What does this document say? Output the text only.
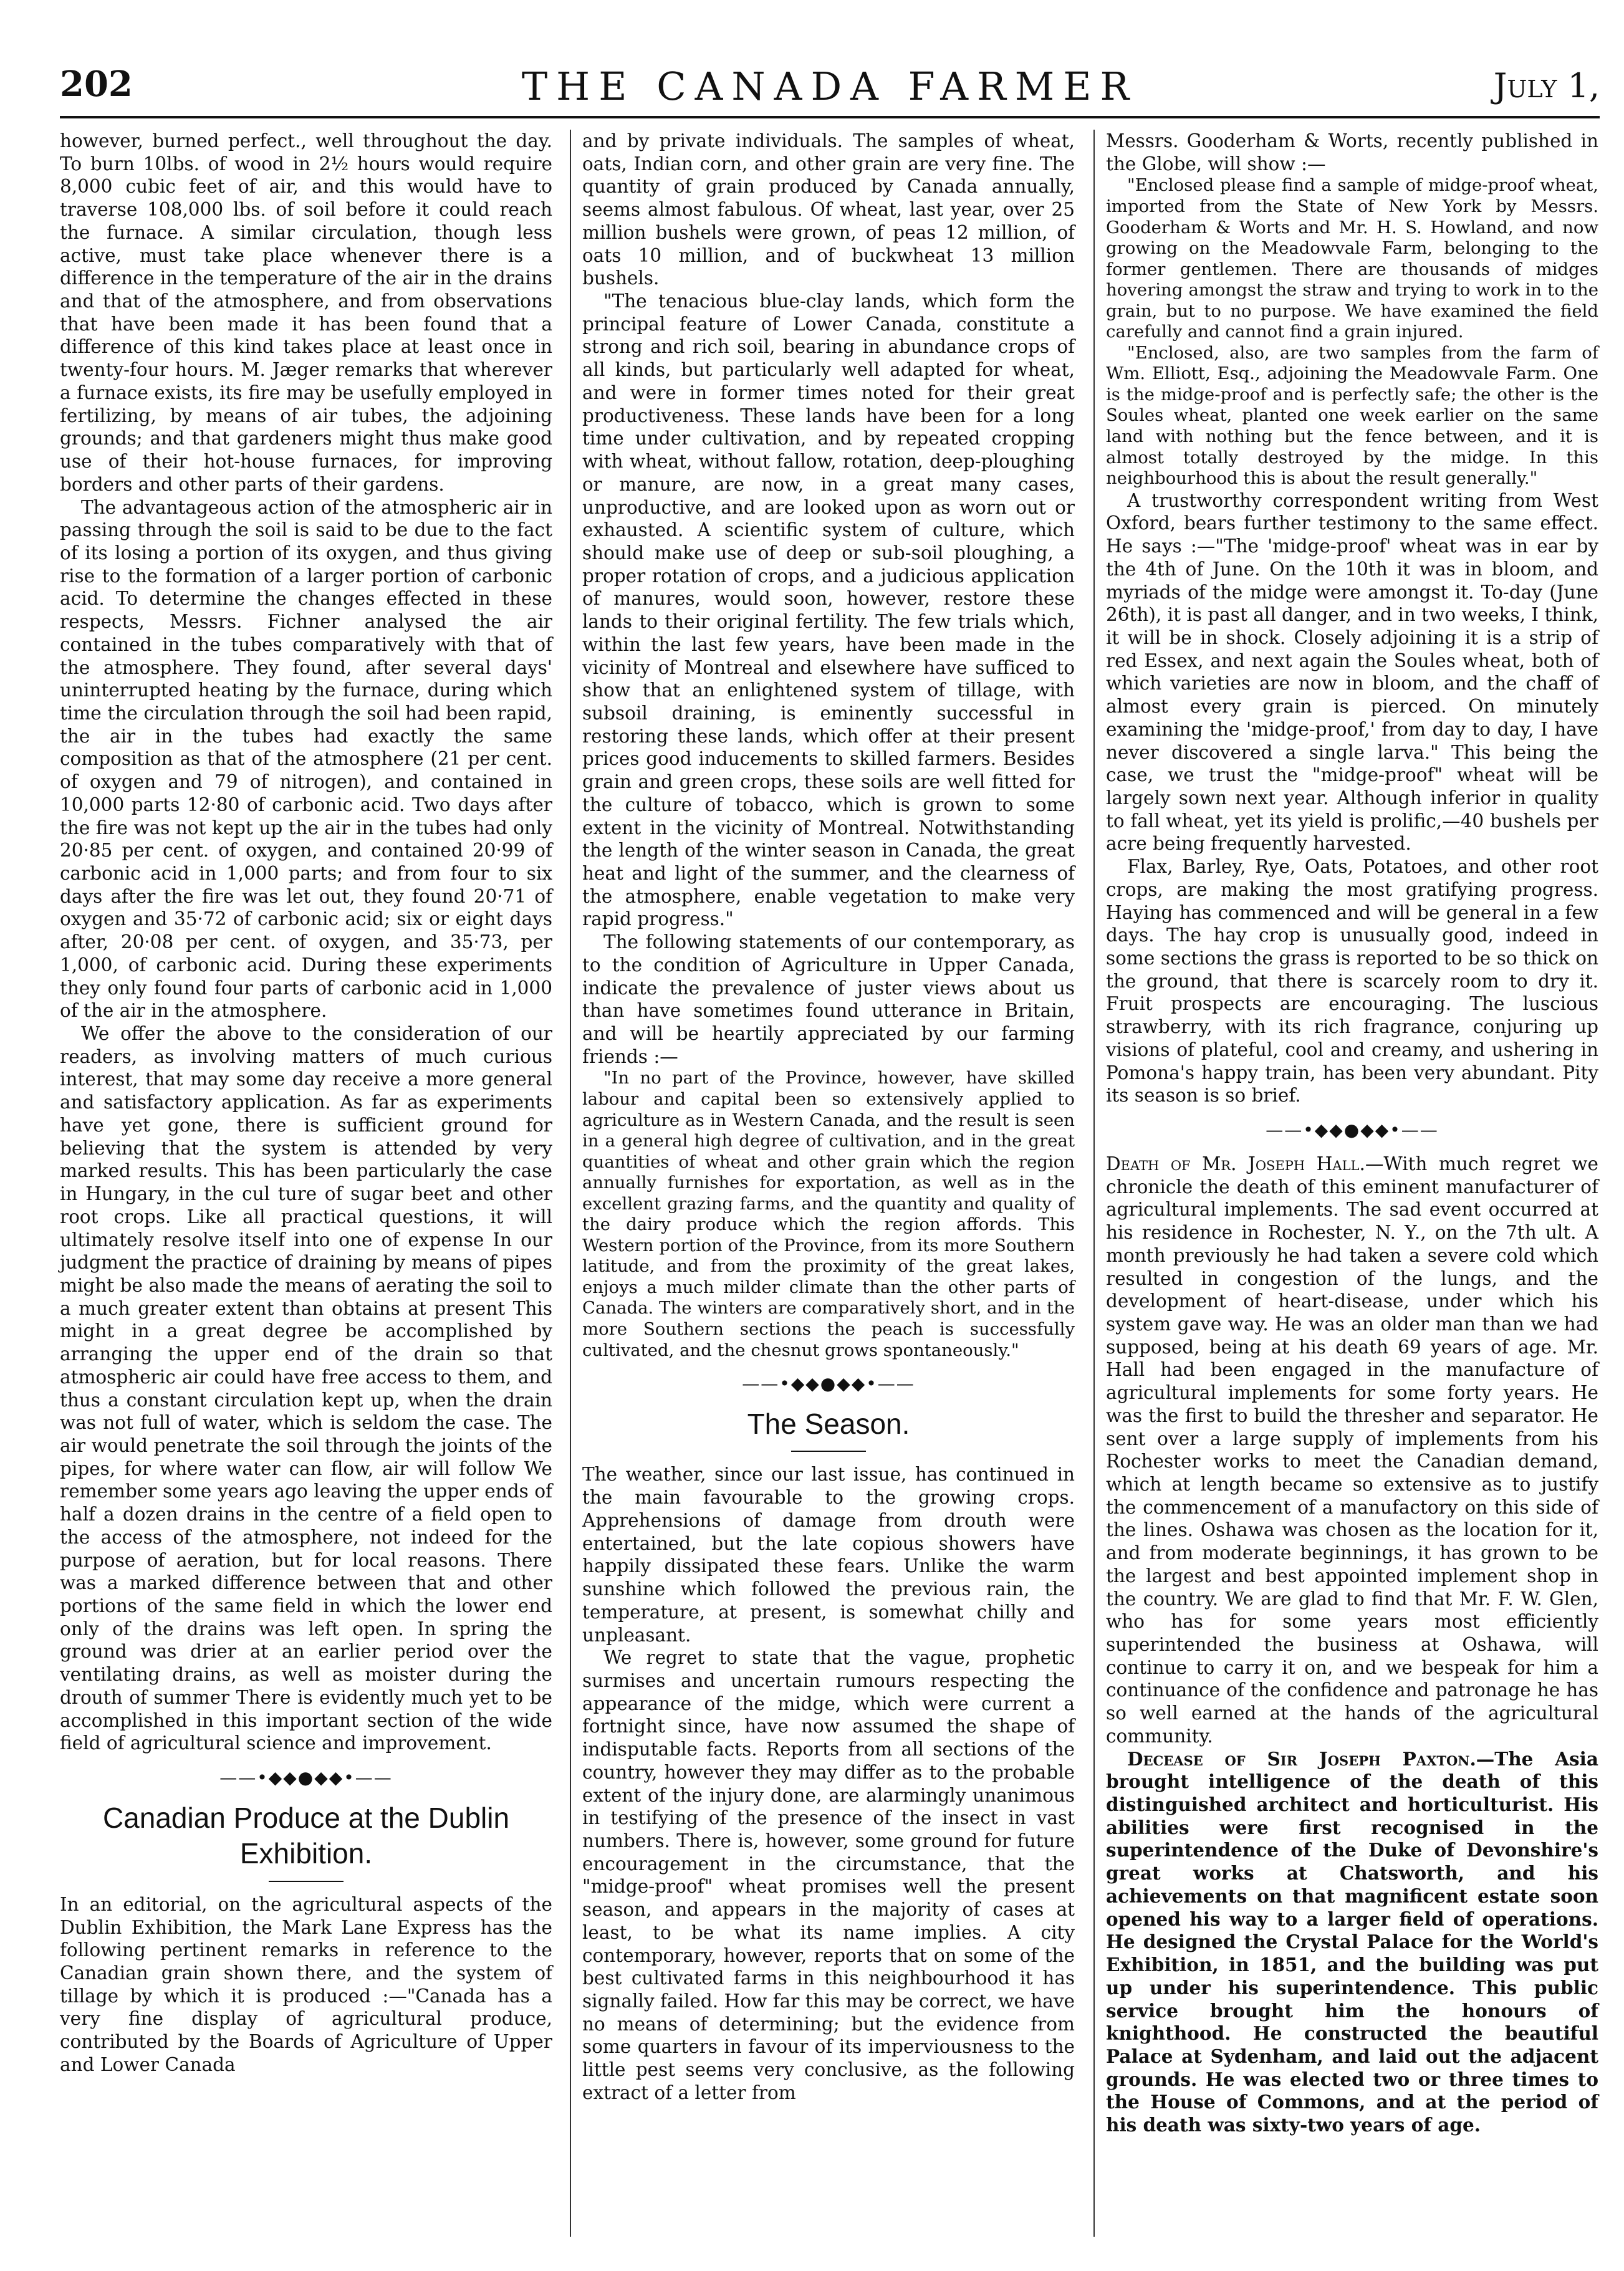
202	THE CANADA FARMER	July 1,

however, burned perfect., well throughout the day. To burn 10lbs. of wood in 2½ hours would require 8,000 cubic feet of air, and this would have to traverse 108,000 lbs. of soil before it could reach the furnace. A similar circulation, though less active, must take place whenever there is a difference in the temperature of the air in the drains and that of the atmosphere, and from observations that have been made it has been found that a difference of this kind takes place at least once in twenty-four hours. M. Jæger remarks that wherever a furnace exists, its fire may be usefully employed in fertilizing, by means of air tubes, the adjoining grounds; and that gardeners might thus make good use of their hot-house furnaces, for improving borders and other parts of their gardens.

The advantageous action of the atmospheric air in passing through the soil is said to be due to the fact of its losing a portion of its oxygen, and thus giving rise to the formation of a larger portion of carbonic acid. To determine the changes effected in these respects, Messrs. Fichner analysed the air contained in the tubes comparatively with that of the atmosphere. They found, after several days' uninterrupted heating by the furnace, during which time the circulation through the soil had been rapid, the air in the tubes had exactly the same composition as that of the atmosphere (21 per cent. of oxygen and 79 of nitrogen), and contained in 10,000 parts 12·80 of carbonic acid. Two days after the fire was not kept up the air in the tubes had only 20·85 per cent. of oxygen, and contained 20·99 of carbonic acid in 1,000 parts; and from four to six days after the fire was let out, they found 20·71 of oxygen and 35·72 of carbonic acid; six or eight days after, 20·08 per cent. of oxygen, and 35·73, per 1,000, of carbonic acid. During these experiments they only found four parts of carbonic acid in 1,000 of the air in the atmosphere.

We offer the above to the consideration of our readers, as involving matters of much curious interest, that may some day receive a more general and satisfactory application. As far as experiments have yet gone, there is sufficient ground for believing that the system is attended by very marked results. This has been particularly the case in Hungary, in the cul ture of sugar beet and other root crops. Like all practical questions, it will ultimately resolve itself into one of expense In our judgment the practice of draining by means of pipes might be also made the means of aerating the soil to a much greater extent than obtains at present This might in a great degree be accomplished by arranging the upper end of the drain so that atmospheric air could have free access to them, and thus a constant circulation kept up, when the drain was not full of water, which is seldom the case. The air would penetrate the soil through the joints of the pipes, for where water can flow, air will follow We remember some years ago leaving the upper ends of half a dozen drains in the centre of a field open to the access of the atmosphere, not indeed for the purpose of aeration, but for local reasons. There was a marked difference between that and other portions of the same field in which the lower end only of the drains was left open. In spring the ground was drier at an earlier period over the ventilating drains, as well as moister during the drouth of summer There is evidently much yet to be accomplished in this important section of the wide field of agricultural science and improvement.

——•◆◆●◆◆•——
Canadian Produce at the Dublin Exhibition.

In an editorial, on the agricultural aspects of the Dublin Exhibition, the Mark Lane Express has the following pertinent remarks in reference to the Canadian grain shown there, and the system of tillage by which it is produced :—"Canada has a very fine display of agricultural produce, contributed by the Boards of Agriculture of Upper and Lower Canada

and by private individuals. The samples of wheat, oats, Indian corn, and other grain are very fine. The quantity of grain produced by Canada annually, seems almost fabulous. Of wheat, last year, over 25 million bushels were grown, of peas 12 million, of oats 10 million, and of buckwheat 13 million bushels.

"The tenacious blue-clay lands, which form the principal feature of Lower Canada, constitute a strong and rich soil, bearing in abundance crops of all kinds, but particularly well adapted for wheat, and were in former times noted for their great productiveness. These lands have been for a long time under cultivation, and by repeated cropping with wheat, without fallow, rotation, deep-ploughing or manure, are now, in a great many cases, unproductive, and are looked upon as worn out or exhausted. A scientific system of culture, which should make use of deep or sub-soil ploughing, a proper rotation of crops, and a judicious application of manures, would soon, however, restore these lands to their original fertility. The few trials which, within the last few years, have been made in the vicinity of Montreal and elsewhere have sufficed to show that an enlightened system of tillage, with subsoil draining, is eminently successful in restoring these lands, which offer at their present prices good inducements to skilled farmers. Besides grain and green crops, these soils are well fitted for the culture of tobacco, which is grown to some extent in the vicinity of Montreal. Notwithstanding the length of the winter season in Canada, the great heat and light of the summer, and the clearness of the atmosphere, enable vegetation to make very rapid progress."

The following statements of our contemporary, as to the condition of Agriculture in Upper Canada, indicate the prevalence of juster views about us than have sometimes found utterance in Britain, and will be heartily appreciated by our farming friends :—

"In no part of the Province, however, have skilled labour and capital been so extensively applied to agriculture as in Western Canada, and the result is seen in a general high degree of cultivation, and in the great quantities of wheat and other grain which the region annually furnishes for exportation, as well as in the excellent grazing farms, and the quantity and quality of the dairy produce which the region affords. This Western portion of the Province, from its more Southern latitude, and from the proximity of the great lakes, enjoys a much milder climate than the other parts of Canada. The winters are comparatively short, and in the more Southern sections the peach is successfully cultivated, and the chesnut grows spontaneously."

——•◆◆●◆◆•——
The Season.

The weather, since our last issue, has continued in the main favourable to the growing crops. Apprehensions of damage from drouth were entertained, but the late copious showers have happily dissipated these fears. Unlike the warm sunshine which followed the previous rain, the temperature, at present, is somewhat chilly and unpleasant.

We regret to state that the vague, prophetic surmises and uncertain rumours respecting the appearance of the midge, which were current a fortnight since, have now assumed the shape of indisputable facts. Reports from all sections of the country, however they may differ as to the probable extent of the injury done, are alarmingly unanimous in testifying of the presence of the insect in vast numbers. There is, however, some ground for future encouragement in the circumstance, that the "midge-proof" wheat promises well the present season, and appears in the majority of cases at least, to be what its name implies. A city contemporary, however, reports that on some of the best cultivated farms in this neighbourhood it has signally failed. How far this may be correct, we have no means of determining; but the evidence from some quarters in favour of its imperviousness to the little pest seems very conclusive, as the following extract of a letter from

Messrs. Gooderham & Worts, recently published in the Globe, will show :—

"Enclosed please find a sample of midge-proof wheat, imported from the State of New York by Messrs. Gooderham & Worts and Mr. H. S. Howland, and now growing on the Meadowvale Farm, belonging to the former gentlemen. There are thousands of midges hovering amongst the straw and trying to work in to the grain, but to no purpose. We have examined the field carefully and cannot find a grain injured.

"Enclosed, also, are two samples from the farm of Wm. Elliott, Esq., adjoining the Meadowvale Farm. One is the midge-proof and is perfectly safe; the other is the Soules wheat, planted one week earlier on the same land with nothing but the fence between, and it is almost totally destroyed by the midge. In this neighbourhood this is about the result generally."

A trustworthy correspondent writing from West Oxford, bears further testimony to the same effect. He says :—"The 'midge-proof' wheat was in ear by the 4th of June. On the 10th it was in bloom, and myriads of the midge were amongst it. To-day (June 26th), it is past all danger, and in two weeks, I think, it will be in shock. Closely adjoining it is a strip of red Essex, and next again the Soules wheat, both of which varieties are now in bloom, and the chaff of almost every grain is pierced. On minutely examining the 'midge-proof,' from day to day, I have never discovered a single larva." This being the case, we trust the "midge-proof" wheat will be largely sown next year. Although inferior in quality to fall wheat, yet its yield is prolific,—40 bushels per acre being frequently harvested.

Flax, Barley, Rye, Oats, Potatoes, and other root crops, are making the most gratifying progress. Haying has commenced and will be general in a few days. The hay crop is unusually good, indeed in some sections the grass is reported to be so thick on the ground, that there is scarcely room to dry it. Fruit prospects are encouraging. The luscious strawberry, with its rich fragrance, conjuring up visions of plateful, cool and creamy, and ushering in Pomona's happy train, has been very abundant. Pity its season is so brief.

——•◆◆●◆◆•——

Death of Mr. Joseph Hall.—With much regret we chronicle the death of this eminent manufacturer of agricultural implements. The sad event occurred at his residence in Rochester, N. Y., on the 7th ult. A month previously he had taken a severe cold which resulted in congestion of the lungs, and the development of heart-disease, under which his system gave way. He was an older man than we had supposed, being at his death 69 years of age. Mr. Hall had been engaged in the manufacture of agricultural implements for some forty years. He was the first to build the thresher and separator. He sent over a large supply of implements from his Rochester works to meet the Canadian demand, which at length became so extensive as to justify the commencement of a manufactory on this side of the lines. Oshawa was chosen as the location for it, and from moderate beginnings, it has grown to be the largest and best appointed implement shop in the country. We are glad to find that Mr. F. W. Glen, who has for some years most efficiently superintended the business at Oshawa, will continue to carry it on, and we bespeak for him a continuance of the confidence and patronage he has so well earned at the hands of the agricultural community.

Decease of Sir Joseph Paxton.—The Asia brought intelligence of the death of this distinguished architect and horticulturist. His abilities were first recognised in the superintendence of the Duke of Devonshire's great works at Chatsworth, and his achievements on that magnificent estate soon opened his way to a larger field of operations. He designed the Crystal Palace for the World's Exhibition, in 1851, and the building was put up under his superintendence. This public service brought him the honours of knighthood. He constructed the beautiful Palace at Sydenham, and laid out the adjacent grounds. He was elected two or three times to the House of Commons, and at the period of his death was sixty-two years of age.
